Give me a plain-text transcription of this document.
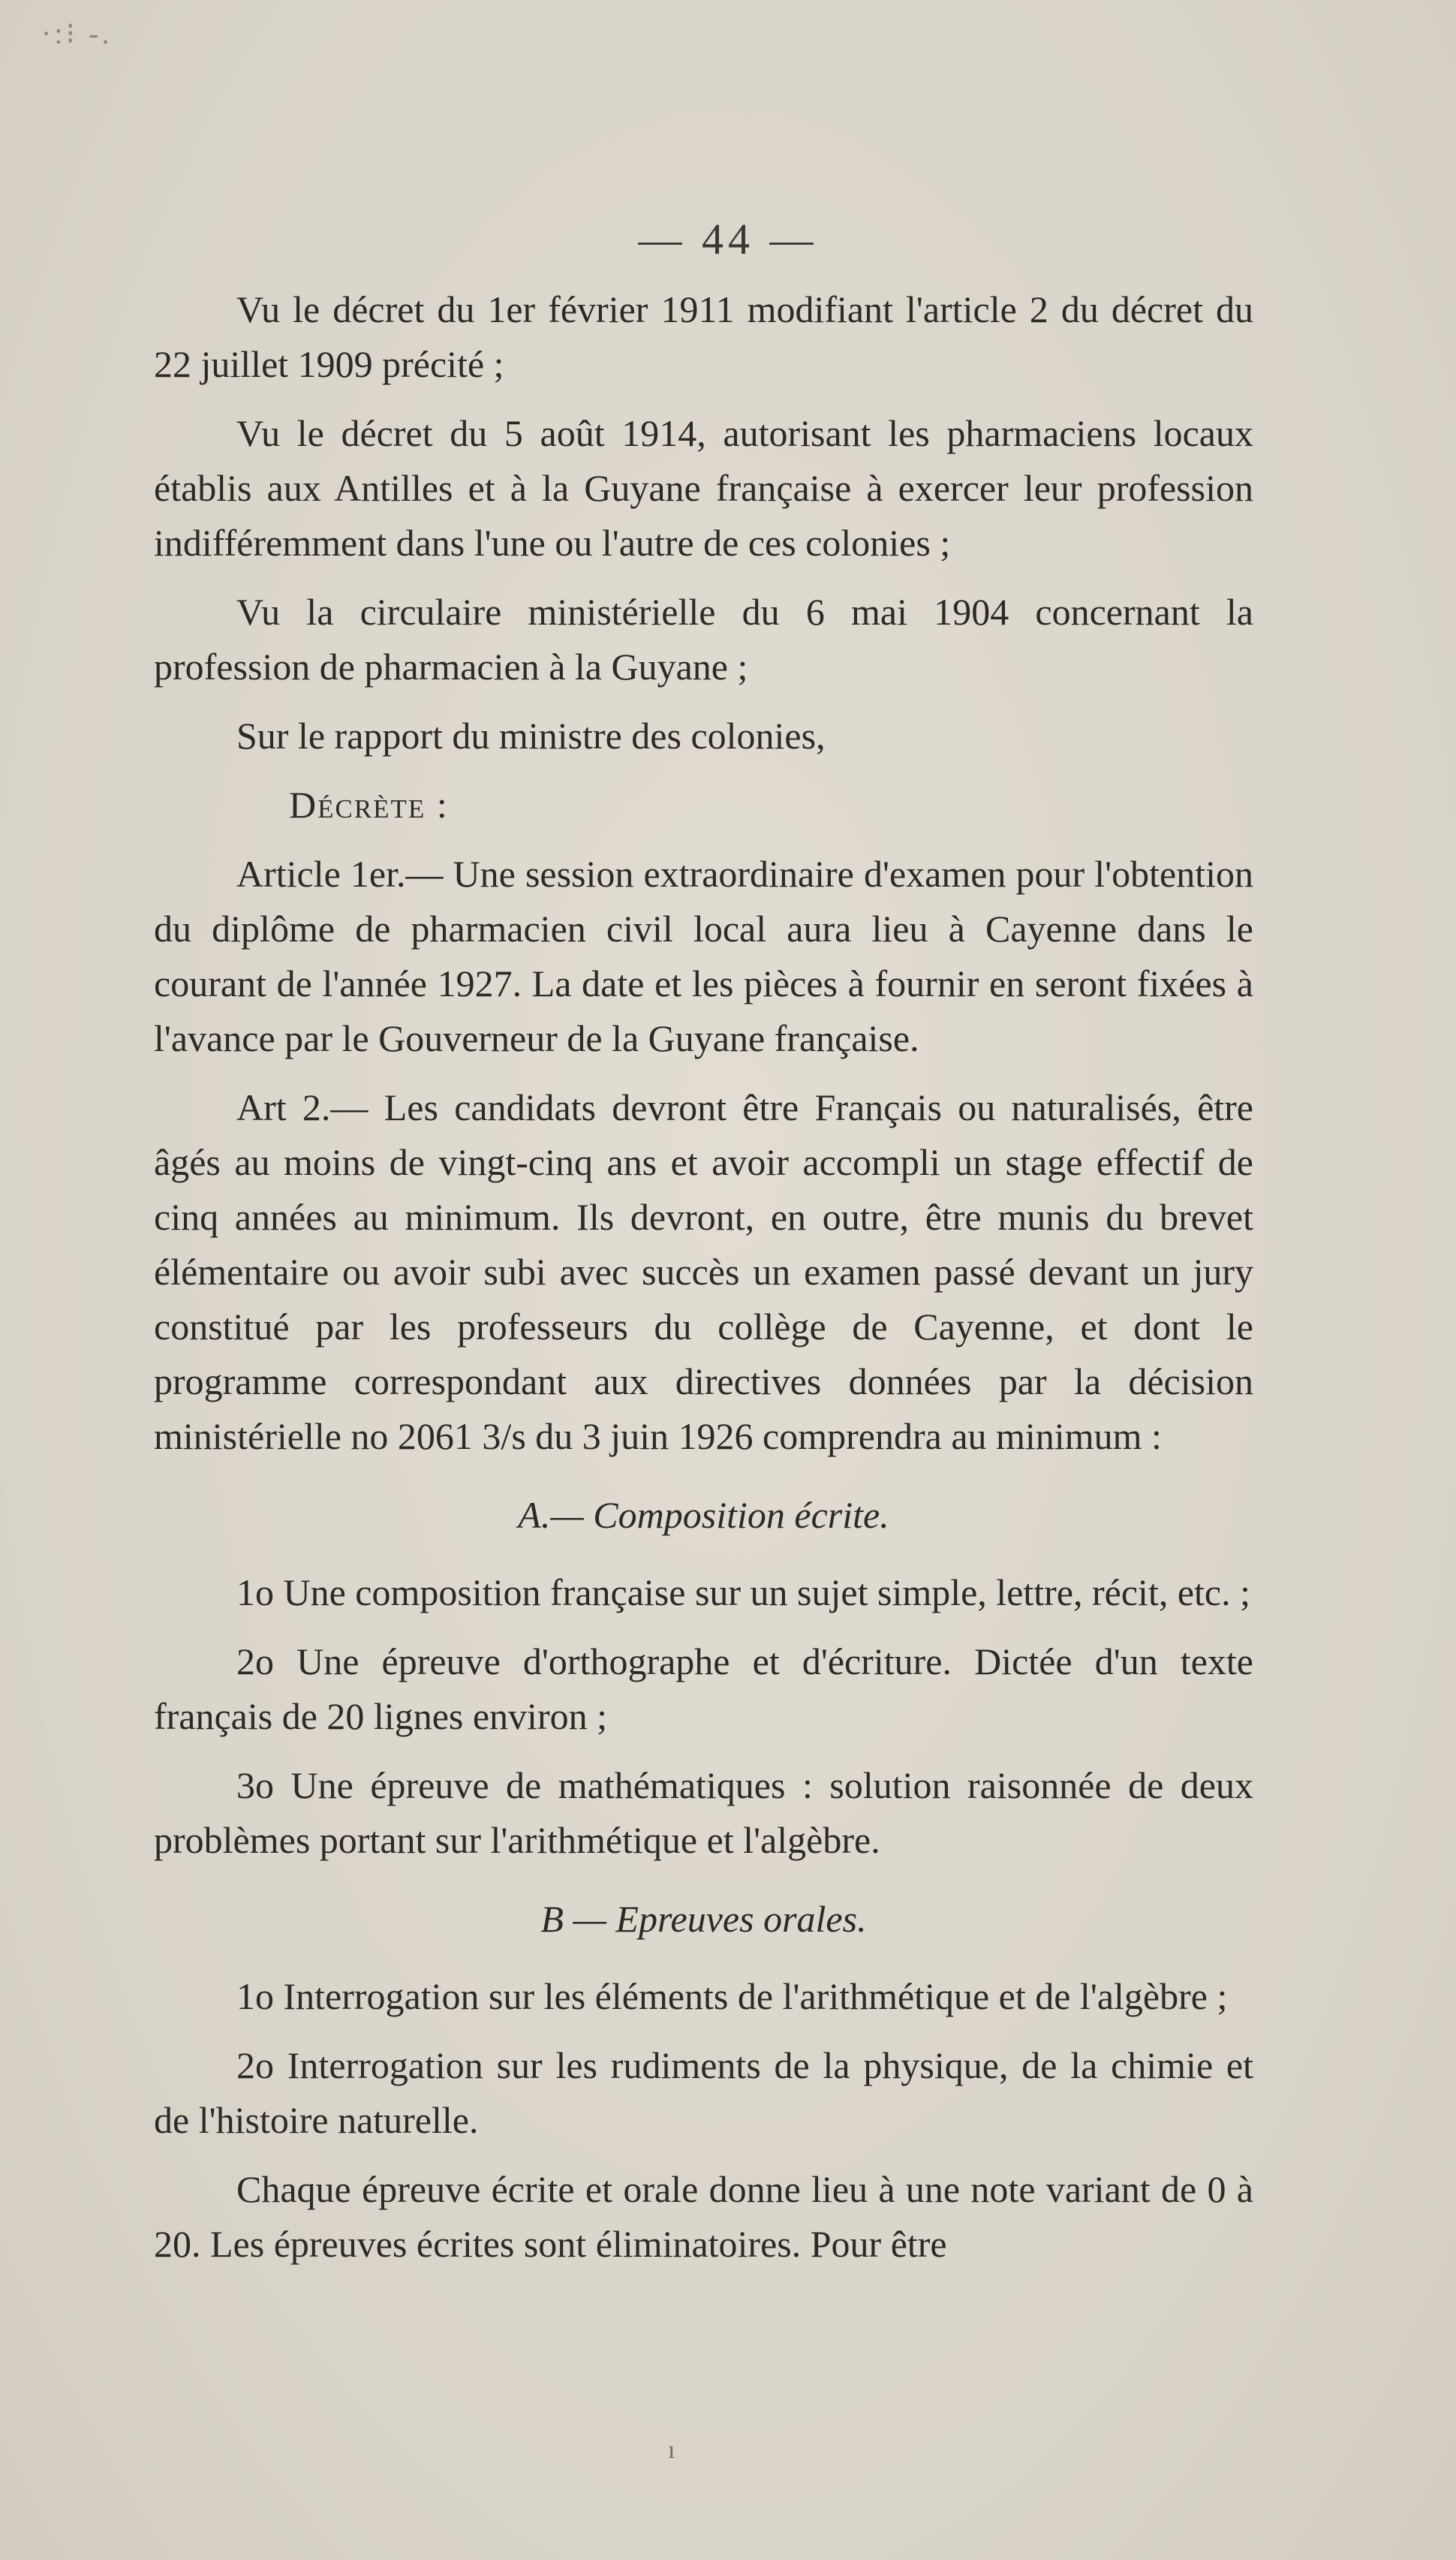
·:⁝ -.
— 44 —

Vu le décret du 1er février 1911 modifiant l'article 2 du décret du 22 juillet 1909 précité ;

Vu le décret du 5 août 1914, autorisant les pharmaciens locaux établis aux Antilles et à la Guyane française à exercer leur profession indifféremment dans l'une ou l'autre de ces colonies ;

Vu la circulaire ministérielle du 6 mai 1904 concernant la profession de pharmacien à la Guyane ;

Sur le rapport du ministre des colonies,

Décrète :

Article 1er.— Une session extraordinaire d'examen pour l'obtention du diplôme de pharmacien civil local aura lieu à Cayenne dans le courant de l'année 1927. La date et les pièces à fournir en seront fixées à l'avance par le Gouverneur de la Guyane française.

Art 2.— Les candidats devront être Français ou naturalisés, être âgés au moins de vingt-cinq ans et avoir accompli un stage effectif de cinq années au minimum. Ils devront, en outre, être munis du brevet élémentaire ou avoir subi avec succès un examen passé devant un jury constitué par les professeurs du collège de Cayenne, et dont le programme correspondant aux directives données par la décision ministérielle no 2061 3/s du 3 juin 1926 comprendra au minimum :

A.— Composition écrite.

1o Une composition française sur un sujet simple, lettre, récit, etc. ;

2o Une épreuve d'orthographe et d'écriture. Dictée d'un texte français de 20 lignes environ ;

3o Une épreuve de mathématiques : solution raisonnée de deux problèmes portant sur l'arithmétique et l'algèbre.

B — Epreuves orales.

1o Interrogation sur les éléments de l'arithmétique et de l'algèbre ;

2o Interrogation sur les rudiments de la physique, de la chimie et de l'histoire naturelle.

Chaque épreuve écrite et orale donne lieu à une note variant de 0 à 20. Les épreuves écrites sont éliminatoires. Pour être

ı
